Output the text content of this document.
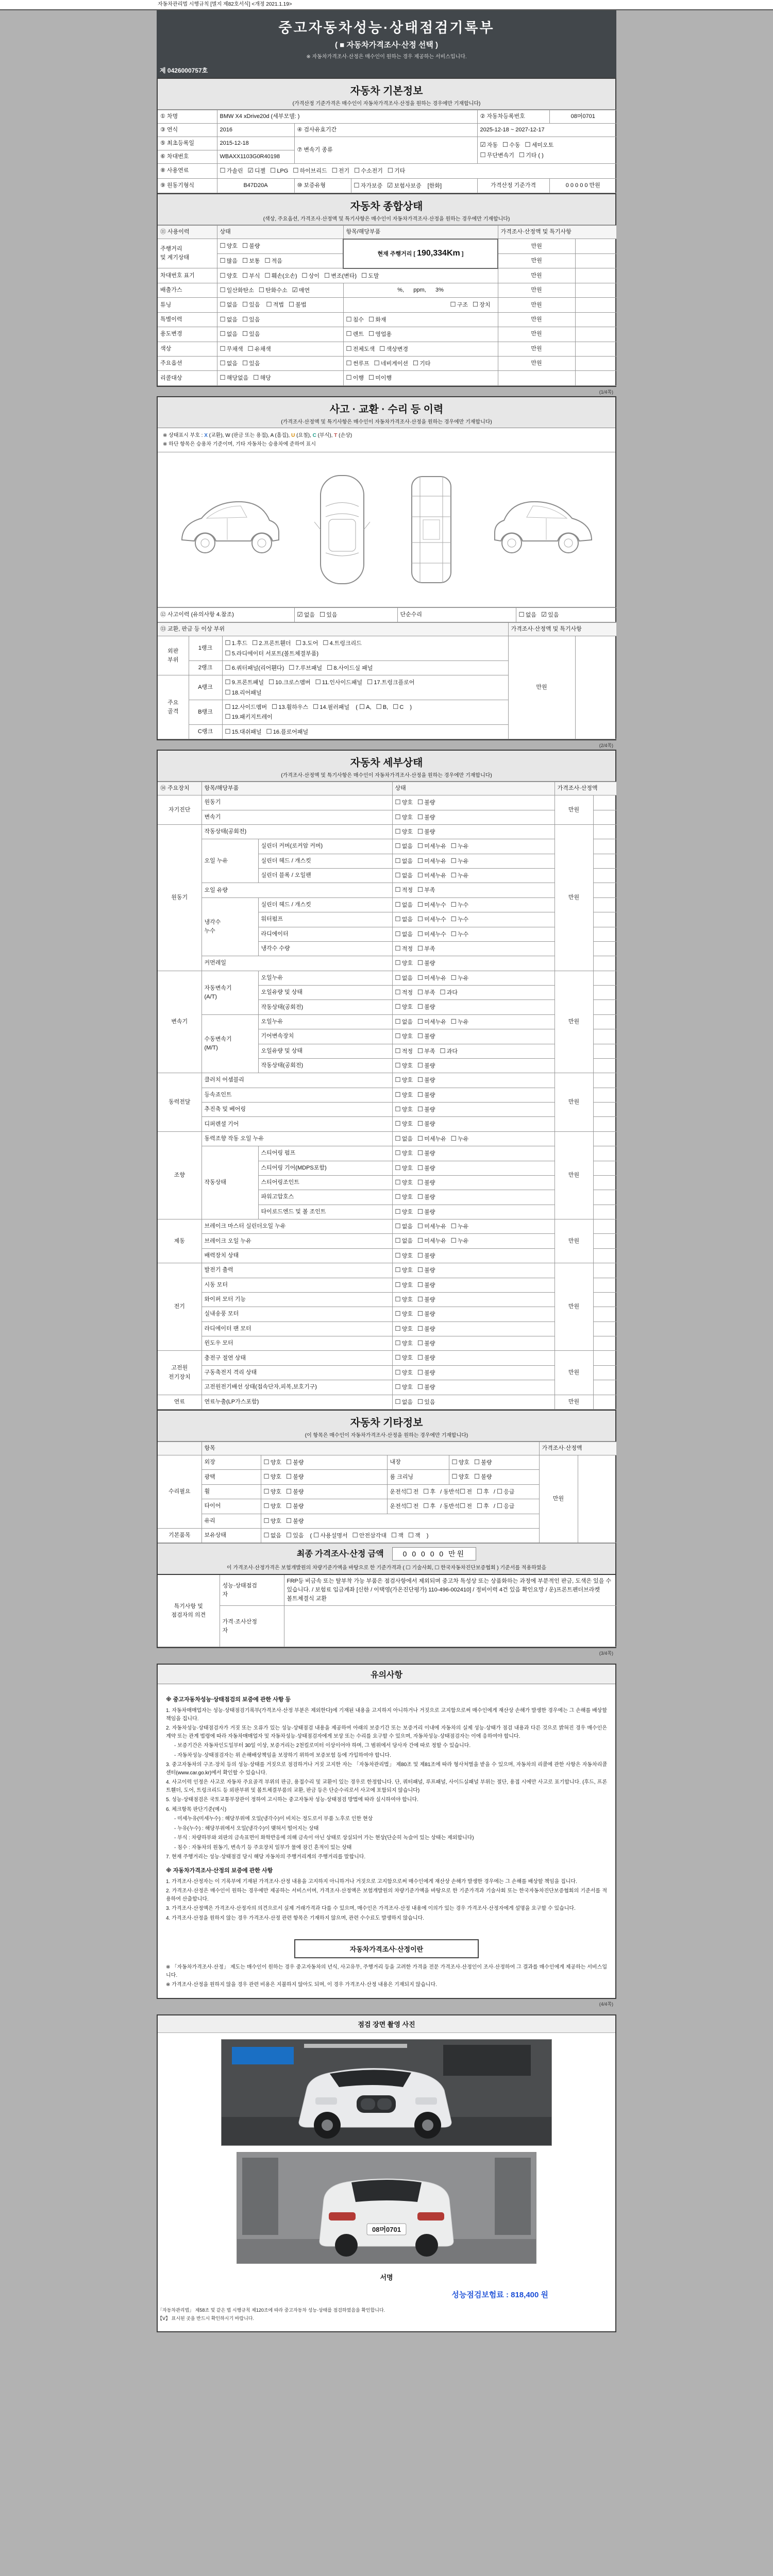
자동차관리법 시행규칙 [별지 제82호서식] <개정 2021.1.19>
중고자동차성능·상태점검기록부
( ■ 자동차가격조사·산정 선택 )
※ 자동차가격조사·산정은 매수인이 원하는 경우 제공하는 서비스입니다.
제 0426000757호
자동차 기본정보
(가격산정 기준가격은 매수인이 자동차가격조사·산정을 원하는 경우에만 기재합니다)
① 차명	BMW X4 xDrive20d (세부모델: )			② 자동차등록번호	08머0701
③ 연식	2016	④ 검사유효기간		2025-12-18 ~ 2027-12-17	
⑤ 최초등록일	2015-12-18	⑦ 변속기 종류		☑ 자동 ☐ 수동 ☐ 세미오토
☐ 무단변속기 ☐ 기타 ( )	
⑥ 차대번호	WBAXX1103G0R40198				
⑧ 사용연료	☐ 가솔린 ☑ 디젤 ☐ LPG ☐ 하이브리드 ☐ 전기 ☐ 수소전기 ☐ 기타				
⑨ 원동기형식	B47D20A	⑩ 보증유형	☐ 자가보증 ☑ 보험사보증 [한화]	가격산정 기준가격	0 0 0 0 0 만원
자동차 종합상태
(색상, 주요옵션, 가격조사·산정액 및 특기사항은 매수인이 자동차가격조사·산정을 원하는 경우에만 기재합니다)
⑪ 사용이력	상태	항목/해당부품	가격조사·산정액 및 특기사항	
주행거리
및 계기상태	☐ 양호 ☐ 불량	현재 주행거리 [ 190,334Km ]	만원	
	☐ 많음 ☐ 보통 ☐ 적음		만원	
차대번호 표기	☐ 양호 ☐ 부식 ☐ 훼손(오손) ☐ 상이 ☐ 변조(변타) ☐ 도말		만원	
배출가스	☐ 일산화탄소 ☐ 탄화수소 ☑ 매연	%,      ppm,      3%	만원	
튜닝	☐ 없음 ☐ 있음 ☐ 적법 ☐ 불법	☐ 구조 ☐ 장치	만원	
특별이력	☐ 없음 ☐ 있음	☐ 침수 ☐ 화재	만원	
용도변경	☐ 없음 ☐ 있음	☐ 렌트 ☐ 영업용	만원	
색상	☐ 무채색 ☐ 유채색	☐ 전체도색 ☐ 색상변경	만원	
주요옵션	☐ 없음 ☐ 있음	☐ 썬루프 ☐ 네비게이션 ☐ 기타	만원	
리콜대상	☐ 해당없음 ☐ 해당	☐ 이행 ☐ 미이행		
(1/4쪽)
사고 · 교환 · 수리 등 이력
(가격조사·산정액 및 특기사항은 매수인이 자동차가격조사·산정을 원하는 경우에만 기재합니다)
※ 상태표시 부호 : X (교환), W (판금 또는 용접), A (흠집), U (요철), C (부식), T (손상)
※ 하단 항목은 승용차 기준이며, 기타 자동차는 승용차에 준하여 표시
⑫ 사고이력 (유의사항 4.참조)	☑ 없음 ☐ 있음	단순수리	☐ 없음 ☑ 있음
⑬ 교환, 판금 등 이상 부위			가격조사·산정액 및 특기사항	
외판
부위	1랭크	☐ 1.후드 ☐ 2.프론트휀더 ☐ 3.도어 ☐ 4.트렁크리드
☐ 5.라디에이터 서포트(볼트체결부품)	만원	
	2랭크	☐ 6.쿼터패널(리어휀다) ☐ 7.루브패널 ☐ 8.사이드실 패널		
주요
골격	A랭크	☐ 9.프론트패널 ☐ 10.크로스멤버 ☐ 11.인사이드패널 ☐ 17.트렁크플로어
☐ 18.리어패널		
	B랭크	☐ 12.사이드멤버 ☐ 13.휠하우스 ☐ 14.필러패널 ( ☐ A, ☐ B, ☐ C )
☐ 19.패키지트레이		
	C랭크	☐ 15.대쉬패널 ☐ 16.플로어패널		
(2/4쪽)
자동차 세부상태
(가격조사·산정액 및 특기사항은 매수인이 자동차가격조사·산정을 원하는 경우에만 기재합니다)
⑭ 주요장치	항목/해당부품		상태	가격조사·산정액	
자기진단	원동기		☐ 양호 ☐ 불량	만원	
	변속기		☐ 양호 ☐ 불량		
원동기	작동상태(공회전)		☐ 양호 ☐ 불량	만원	
	오일 누유	실린더 커버(로커암 커버)	☐ 없음 ☐ 미세누유 ☐ 누유		
		실린더 헤드 / 개스킷	☐ 없음 ☐ 미세누유 ☐ 누유		
		실린더 블록 / 오일팬	☐ 없음 ☐ 미세누유 ☐ 누유		
	오일 유량		☐ 적정 ☐ 부족		
	냉각수
누수	실린더 헤드 / 개스킷	☐ 없음 ☐ 미세누수 ☐ 누수		
		워터펌프	☐ 없음 ☐ 미세누수 ☐ 누수		
		라디에이터	☐ 없음 ☐ 미세누수 ☐ 누수		
		냉각수 수량	☐ 적정 ☐ 부족		
	커먼레일		☐ 양호 ☐ 불량		
변속기	자동변속기
(A/T)	오일누유	☐ 없음 ☐ 미세누유 ☐ 누유	만원	
		오일유량 및 상태	☐ 적정 ☐ 부족 ☐ 과다		
		작동상태(공회전)	☐ 양호 ☐ 불량		
	수동변속기
(M/T)	오일누유	☐ 없음 ☐ 미세누유 ☐ 누유		
		기어변속장치	☐ 양호 ☐ 불량		
		오일유량 및 상태	☐ 적정 ☐ 부족 ☐ 과다		
		작동상태(공회전)	☐ 양호 ☐ 불량		
동력전달	클러치 어셈블리		☐ 양호 ☐ 불량	만원	
	등속죠인트		☐ 양호 ☐ 불량		
	추진축 및 베어링		☐ 양호 ☐ 불량		
	디퍼렌셜 기어		☐ 양호 ☐ 불량		
조향	동력조향 작동 오일 누유		☐ 없음 ☐ 미세누유 ☐ 누유	만원	
	작동상태	스티어링 펌프	☐ 양호 ☐ 불량		
		스티어링 기어(MDPS포함)	☐ 양호 ☐ 불량		
		스티어링조인트	☐ 양호 ☐ 불량		
		파워고압호스	☐ 양호 ☐ 불량		
		타이로드엔드 및 볼 조인트	☐ 양호 ☐ 불량		
제동	브레이크 마스터 실린더오일 누유		☐ 없음 ☐ 미세누유 ☐ 누유	만원	
	브레이크 오일 누유		☐ 없음 ☐ 미세누유 ☐ 누유		
	배력장치 상태		☐ 양호 ☐ 불량		
전기	발전기 출력		☐ 양호 ☐ 불량	만원	
	시동 모터		☐ 양호 ☐ 불량		
	와이퍼 모터 기능		☐ 양호 ☐ 불량		
	실내송풍 모터		☐ 양호 ☐ 불량		
	라디에이터 팬 모터		☐ 양호 ☐ 불량		
	윈도우 모터		☐ 양호 ☐ 불량		
고전원
전기장치	충전구 절연 상태		☐ 양호 ☐ 불량	만원	
	구동축전지 격리 상태		☐ 양호 ☐ 불량		
	고전원전기배선 상태(접속단자,피복,보호기구)		☐ 양호 ☐ 불량		
연료	연료누출(LP가스포함)		☐ 없음 ☐ 있음	만원	
자동차 기타정보
(이 항목은 매수인이 자동차가격조사·산정을 원하는 경우에만 기재합니다)
	항목				가격조사·산정액	
수리필요	외장	☐ 양호 ☐ 불량	내장	☐ 양호 ☐ 불량	만원	
	광택	☐ 양호 ☐ 불량	룸 크리닝	☐ 양호 ☐ 불량		
	휠	☐ 양호 ☐ 불량	운전석☐ 전 ☐ 후 / 동반석☐ 전 ☐ 후 / ☐ 응급			
	타이어	☐ 양호 ☐ 불량	운전석☐ 전 ☐ 후 / 동반석☐ 전 ☐ 후 / ☐ 응급			
	유리	☐ 양호 ☐ 불량				
기본품목	보유상태	☐ 없음 ☐ 있음 ( ☐ 사용설명서 ☐ 안전삼각대 ☐ 잭 ☐ 잭 )				
최종 가격조사·산정 금액	0 0 0 0 0 만원
이 가격조사·산정가격은 보험개발원의 차량기준가액을 바탕으로 한 기준가격과 ( ☐ 기술사회, ☐ 한국자동차진단보증협회 ) 기준서를 적용하였음
특기사항 및
점검자의 의견	성능·상태점검
자	FRP등 비금속 또는 탈부착 가능 부품은 점검사항에서 제외되며 중고차 특성상 또는 상품화하는 과정에 부분적인 판금, 도색은 있을 수 있습니다. / 보험료 입금계좌 [신한 / 이택영(가온진단평가) 110-496-002410] / 정비이력 4건 있음 확인요망 / 운)프론트펜더브라켓 볼트체결식 교환
	가격·조사산정
자	
(3/4쪽)
유의사항
※ 중고자동차성능·상태점검의 보증에 관한 사항 등
1. 자동차매매업자는 성능·상태점검기록부(가격조사·산정 부분은 제외한다)에 기재된 내용을 고지하지 아니하거나 거짓으로 고지함으로써 매수인에게 재산상 손해가 발생한 경우에는 그 손해를 배상할 책임을 집니다.
2. 자동차성능·상태점검자가 거짓 또는 오류가 있는 성능·상태점검 내용을 제공하여 아래의 보증기간 또는 보증거리 이내에 자동차의 실제 성능·상태가 점검 내용과 다른 것으로 밝혀진 경우 매수인은 계약 또는 관계 법령에 따라 자동차매매업자 및 자동차성능·상태점검자에게 보상 또는 수리를 요구할 수 있으며, 자동차성능·상태점검자는 이에 응하여야 합니다.
- 보증기간은 자동차인도일부터 30일 이상, 보증거리는 2천킬로미터 이상이어야 하며, 그 범위에서 당사자 간에 따로 정할 수 있습니다.
- 자동차성능·상태점검자는 위 손해배상책임을 보장하기 위하여 보증보험 등에 가입하여야 합니다.
3. 중고자동차의 구조·장치 등의 성능·상태를 거짓으로 점검하거나 거짓 고지한 자는 「자동차관리법」 제80조 및 제81조에 따라 형사처벌을 받을 수 있으며, 자동차의 리콜에 관한 사항은 자동차리콜센터(www.car.go.kr)에서 확인할 수 있습니다.
4. 사고이력 인정은 사고로 자동차 주요골격 부위의 판금, 용접수리 및 교환이 있는 경우로 한정합니다. 단, 쿼터패널, 루프패널, 사이드실패널 부위는 절단, 용접 시에만 사고로 표기합니다. (후드, 프론트휀더, 도어, 트렁크리드 등 외판부위 및 볼트체결부품의 교환, 판금 등은 단순수리로서 사고에 포함되지 않습니다)
5. 성능·상태점검은 국토교통부장관이 정하여 고시하는 중고자동차 성능·상태점검 방법에 따라 실시하여야 합니다.
6. 체크항목 판단기준(예시)
- 미세누유(미세누수) : 해당부위에 오일(냉각수)이 비치는 정도로서 부품 노후로 인한 현상
- 누유(누수) : 해당부위에서 오일(냉각수)이 맺혀서 떨어지는 상태
- 부식 : 차량하부와 외판의 금속표면이 화학반응에 의해 금속이 아닌 상태로 상실되어 가는 현상(단순히 녹슬어 있는 상태는 제외합니다)
- 침수 : 자동차의 원동기, 변속기 등 주요장치 일부가 물에 잠긴 흔적이 있는 상태
7. 현재 주행거리는 성능·상태점검 당시 해당 자동차의 주행거리계의 주행거리를 말합니다.
※ 자동차가격조사·산정의 보증에 관한 사항
1. 가격조사·산정자는 이 기록부에 기재된 가격조사·산정 내용을 고지하지 아니하거나 거짓으로 고지함으로써 매수인에게 재산상 손해가 발생한 경우에는 그 손해를 배상할 책임을 집니다.
2. 가격조사·산정은 매수인이 원하는 경우에만 제공하는 서비스이며, 가격조사·산정액은 보험개발원의 차량기준가액을 바탕으로 한 기준가격과 기술사회 또는 한국자동차진단보증협회의 기준서를 적용하여 산출합니다.
3. 가격조사·산정액은 가격조사·산정자의 의견으로서 실제 거래가격과 다를 수 있으며, 매수인은 가격조사·산정 내용에 이의가 있는 경우 가격조사·산정자에게 설명을 요구할 수 있습니다.
4. 가격조사·산정을 원하지 않는 경우 가격조사·산정 관련 항목은 기재하지 않으며, 관련 수수료도 발생하지 않습니다.
자동차가격조사·산정이란
※ 「자동차가격조사·산정」 제도는 매수인이 원하는 경우 중고자동차의 년식, 사고유무, 주행거리 등을 고려한 가격을 전문 가격조사·산정인이 조사·산정하여 그 결과를 매수인에게 제공하는 서비스입니다.
※ 가격조사·산정을 원하지 않을 경우 관련 비용은 지불하지 않아도 되며, 이 경우 가격조사·산정 내용은 기재되지 않습니다.
(4/4쪽)
점검 장면 촬영 사진
08머0701
서명
성능점검보험료 : 818,400 원
「자동차관리법」 제58조 및 같은 법 시행규칙 제120조에 따라 중고자동차 성능·상태를 점검하였음을 확인합니다.
【Ⅴ】 표시된 곳을 반드시 확인하시기 바랍니다.
